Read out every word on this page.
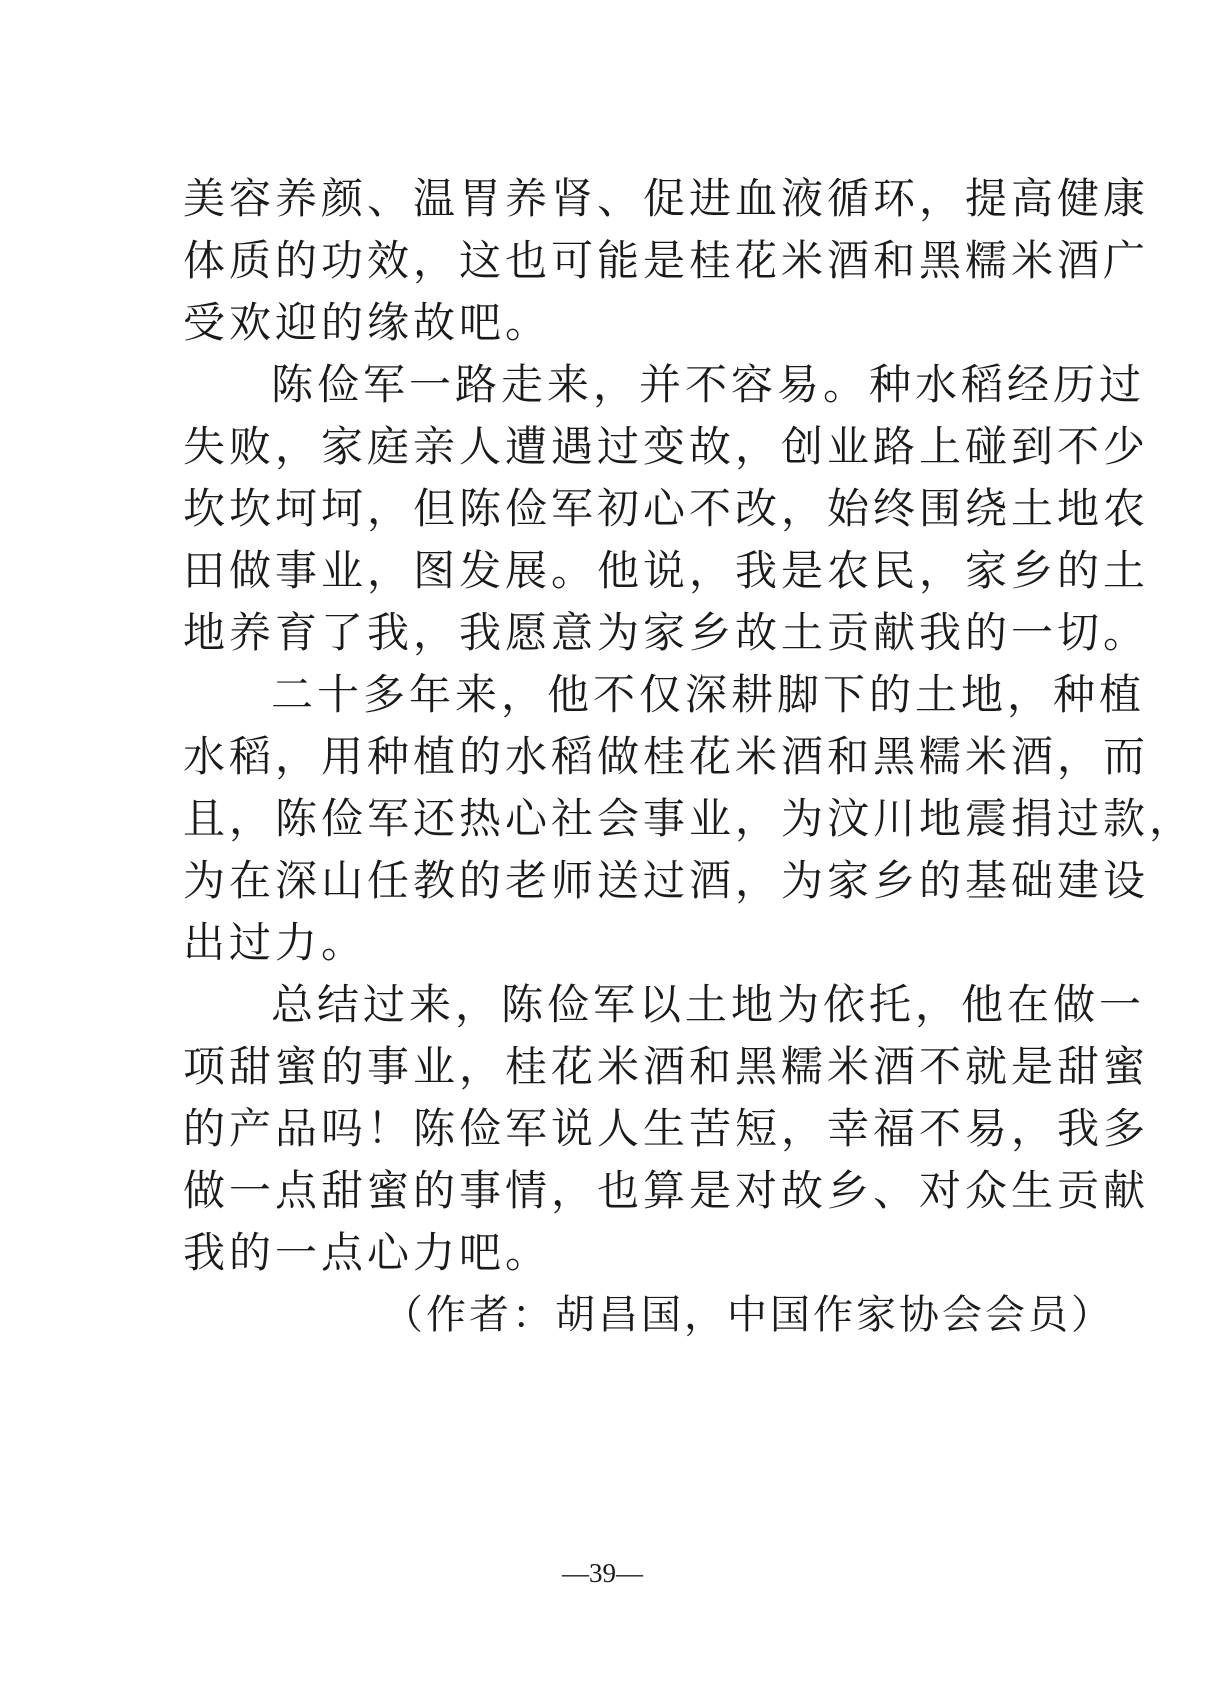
美容养颜、温胃养肾、促进血液循环，提高健康
体质的功效，这也可能是桂花米酒和黑糯米酒广
受欢迎的缘故吧。
陈俭军一路走来，并不容易。种水稻经历过
失败，家庭亲人遭遇过变故，创业路上碰到不少
坎坎坷坷，但陈俭军初心不改，始终围绕土地农
田做事业，图发展。他说，我是农民，家乡的土
地养育了我，我愿意为家乡故土贡献我的一切。
二十多年来，他不仅深耕脚下的土地，种植
水稻，用种植的水稻做桂花米酒和黑糯米酒，而
且，陈俭军还热心社会事业，为汶川地震捐过款，
为在深山任教的老师送过酒，为家乡的基础建设
出过力。
总结过来，陈俭军以土地为依托，他在做一
项甜蜜的事业，桂花米酒和黑糯米酒不就是甜蜜
的产品吗！陈俭军说人生苦短，幸福不易，我多
做一点甜蜜的事情，也算是对故乡、对众生贡献
我的一点心力吧。
（作者：胡昌国，中国作家协会会员）
—39—
